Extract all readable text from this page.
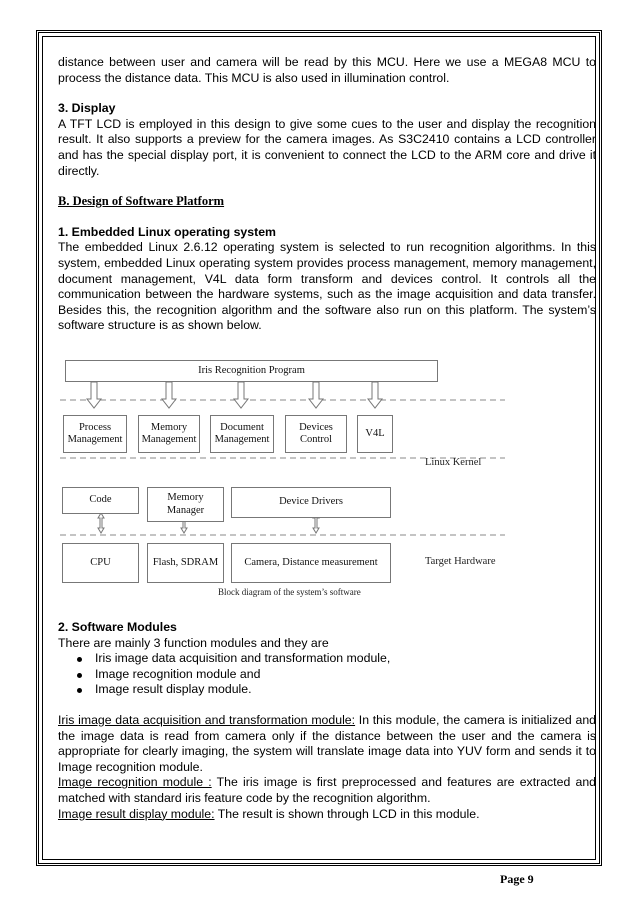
distance between user and camera will be read by this MCU. Here we use a MEGA8 MCU to process the distance data. This MCU is also used in illumination control.

3. Display

A TFT LCD is employed in this design to give some cues to the user and display the recognition result. It also supports a preview for the camera images. As S3C2410 contains a LCD controller and has the special display port, it is convenient to connect the LCD to the ARM core and drive it directly.

B. Design of Software Platform
1. Embedded Linux operating system

The embedded Linux 2.6.12 operating system is selected to run recognition algorithms. In this system, embedded Linux operating system provides process management, memory management, document management, V4L data form transform and devices control. It controls all the communication between the hardware systems, such as the image acquisition and data transfer. Besides this, the recognition algorithm and the software also run on this platform. The system’s software structure is as shown below.

Iris Recognition Program
Process Management
Memory Management
Document Management
Devices Control
V4L
Linux Kernel
Code	Memory Manager
Device Drivers
CPU	Flash, SDRAM	Camera, Distance measurement	Target Hardware
Block diagram of the system’s software
2. Software Modules

There are mainly 3 function modules and they are

Iris image data acquisition and transformation module,
Image recognition module and
Image result display module.

Iris image data acquisition and transformation module: In this module, the camera is initialized and the image data is read from camera only if the distance between the user and the camera is appropriate for clearly imaging, the system will translate image data into YUV form and sends it to Image recognition module.

Image recognition module : The iris image is first preprocessed and features are extracted and matched with standard iris feature code by the recognition algorithm.

Image result display module: The result is shown through LCD in this module.

Page 9
